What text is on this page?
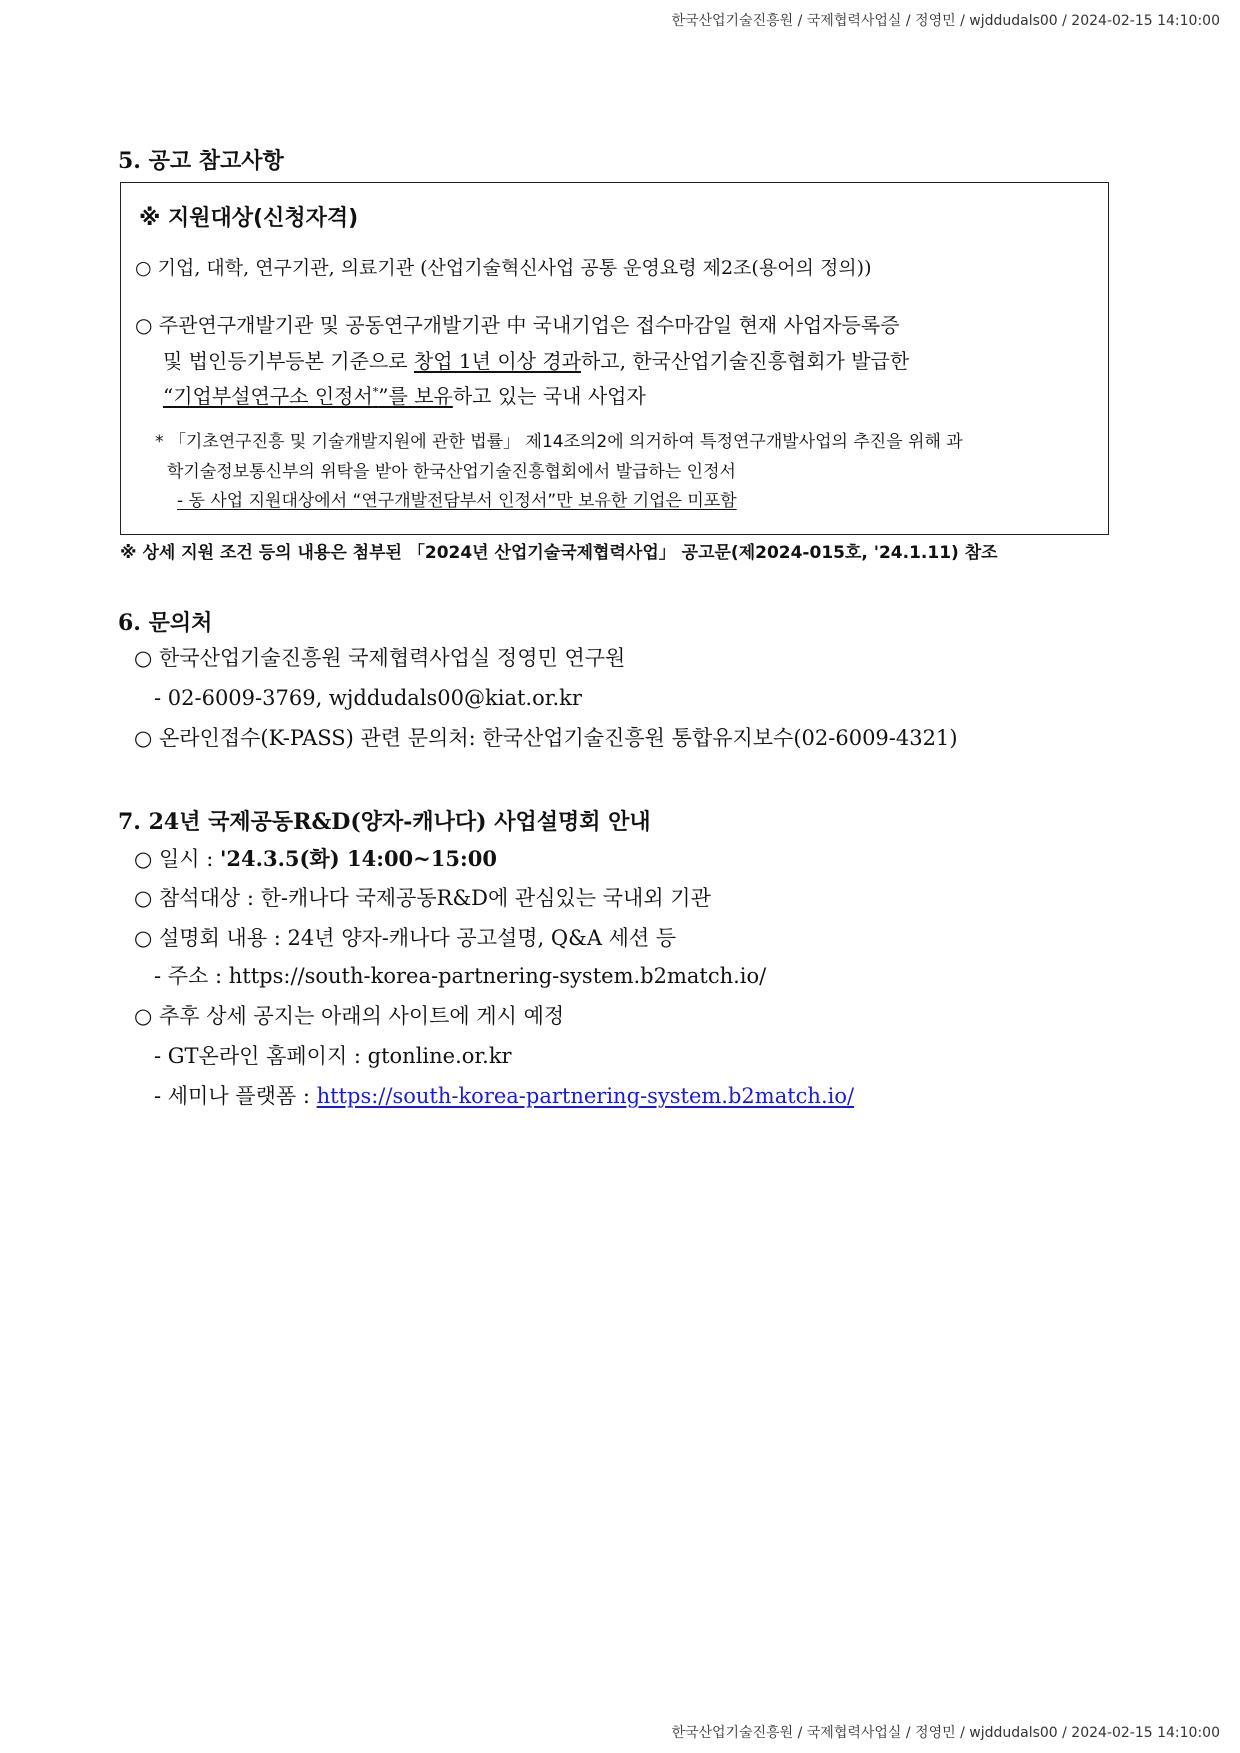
한국산업기술진흥원 / 국제협력사업실 / 정영민 / wjddudals00 / 2024-02-15 14:10:00
5. 공고 참고사항
※ 지원대상(신청자격)
○ 기업, 대학, 연구기관, 의료기관 (산업기술혁신사업 공통 운영요령 제2조(용어의 정의))
○ 주관연구개발기관 및 공동연구개발기관 中 국내기업은 접수마감일 현재 사업자등록증
및 법인등기부등본 기준으로 창업 1년 이상 경과하고, 한국산업기술진흥협회가 발급한
“기업부설연구소 인정서*”를 보유하고 있는 국내 사업자
* 「기초연구진흥 및 기술개발지원에 관한 법률」 제14조의2에 의거하여 특정연구개발사업의 추진을 위해 과
학기술정보통신부의 위탁을 받아 한국산업기술진흥협회에서 발급하는 인정서
- 동 사업 지원대상에서 “연구개발전담부서 인정서”만 보유한 기업은 미포함
※ 상세 지원 조건 등의 내용은 첨부된 「2024년 산업기술국제협력사업」 공고문(제2024-015호, '24.1.11) 참조
6. 문의처
○ 한국산업기술진흥원 국제협력사업실 정영민 연구원
- 02-6009-3769, wjddudals00@kiat.or.kr
○ 온라인접수(K-PASS) 관련 문의처: 한국산업기술진흥원 통합유지보수(02-6009-4321)
7. 24년 국제공동R&D(양자-캐나다) 사업설명회 안내
○ 일시 : '24.3.5(화) 14:00~15:00
○ 참석대상 : 한-캐나다 국제공동R&D에 관심있는 국내외 기관
○ 설명회 내용 : 24년 양자-캐나다 공고설명, Q&A 세션 등
- 주소 : https://south-korea-partnering-system.b2match.io/
○ 추후 상세 공지는 아래의 사이트에 게시 예정
- GT온라인 홈페이지 : gtonline.or.kr
- 세미나 플랫폼 : https://south-korea-partnering-system.b2match.io/
한국산업기술진흥원 / 국제협력사업실 / 정영민 / wjddudals00 / 2024-02-15 14:10:00
